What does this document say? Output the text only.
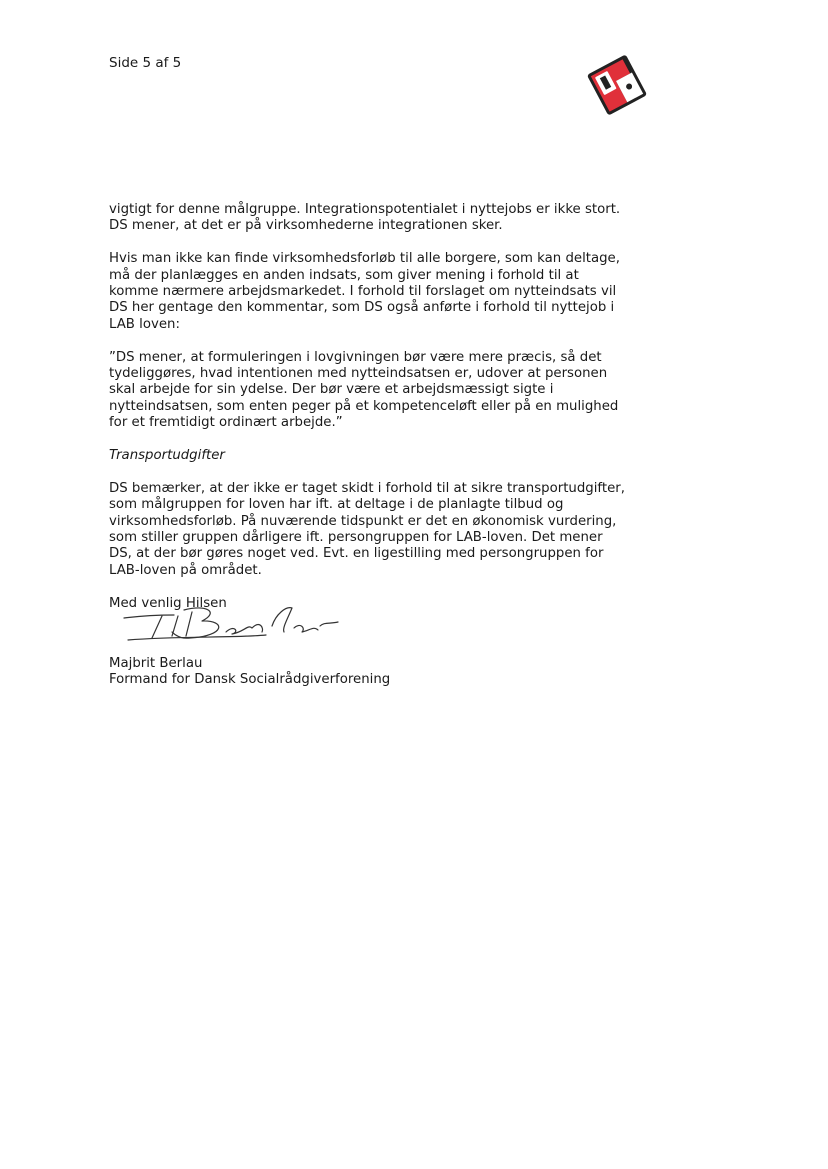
Side 5 af 5

vigtigt for denne målgruppe. Integrationspotentialet i nyttejobs er ikke stort. DS mener, at det er på virksomhederne integrationen sker.

Hvis man ikke kan finde virksomhedsforløb til alle borgere, som kan deltage, må der planlægges en anden indsats, som giver mening i forhold til at komme nærmere arbejdsmarkedet. I forhold til forslaget om nytteindsats vil DS her gentage den kommentar, som DS også anførte i forhold til nyttejob i LAB loven:

”DS mener, at formuleringen i lovgivningen bør være mere præcis, så det tydeliggøres, hvad intentionen med nytteindsatsen er, udover at personen skal arbejde for sin ydelse. Der bør være et arbejdsmæssigt sigte i nytteindsatsen, som enten peger på et kompetenceløft eller på en mulighed for et fremtidigt ordinært arbejde.”

Transportudgifter

DS bemærker, at der ikke er taget skidt i forhold til at sikre transportudgifter, som målgruppen for loven har ift. at deltage i de planlagte tilbud og virksomhedsforløb. På nuværende tidspunkt er det en økonomisk vurdering, som stiller gruppen dårligere ift. persongruppen for LAB-loven. Det mener DS, at der bør gøres noget ved. Evt. en ligestilling med persongruppen for LAB-loven på området.

Med venlig Hilsen

Majbrit Berlau
Formand for Dansk Socialrådgiverforening
